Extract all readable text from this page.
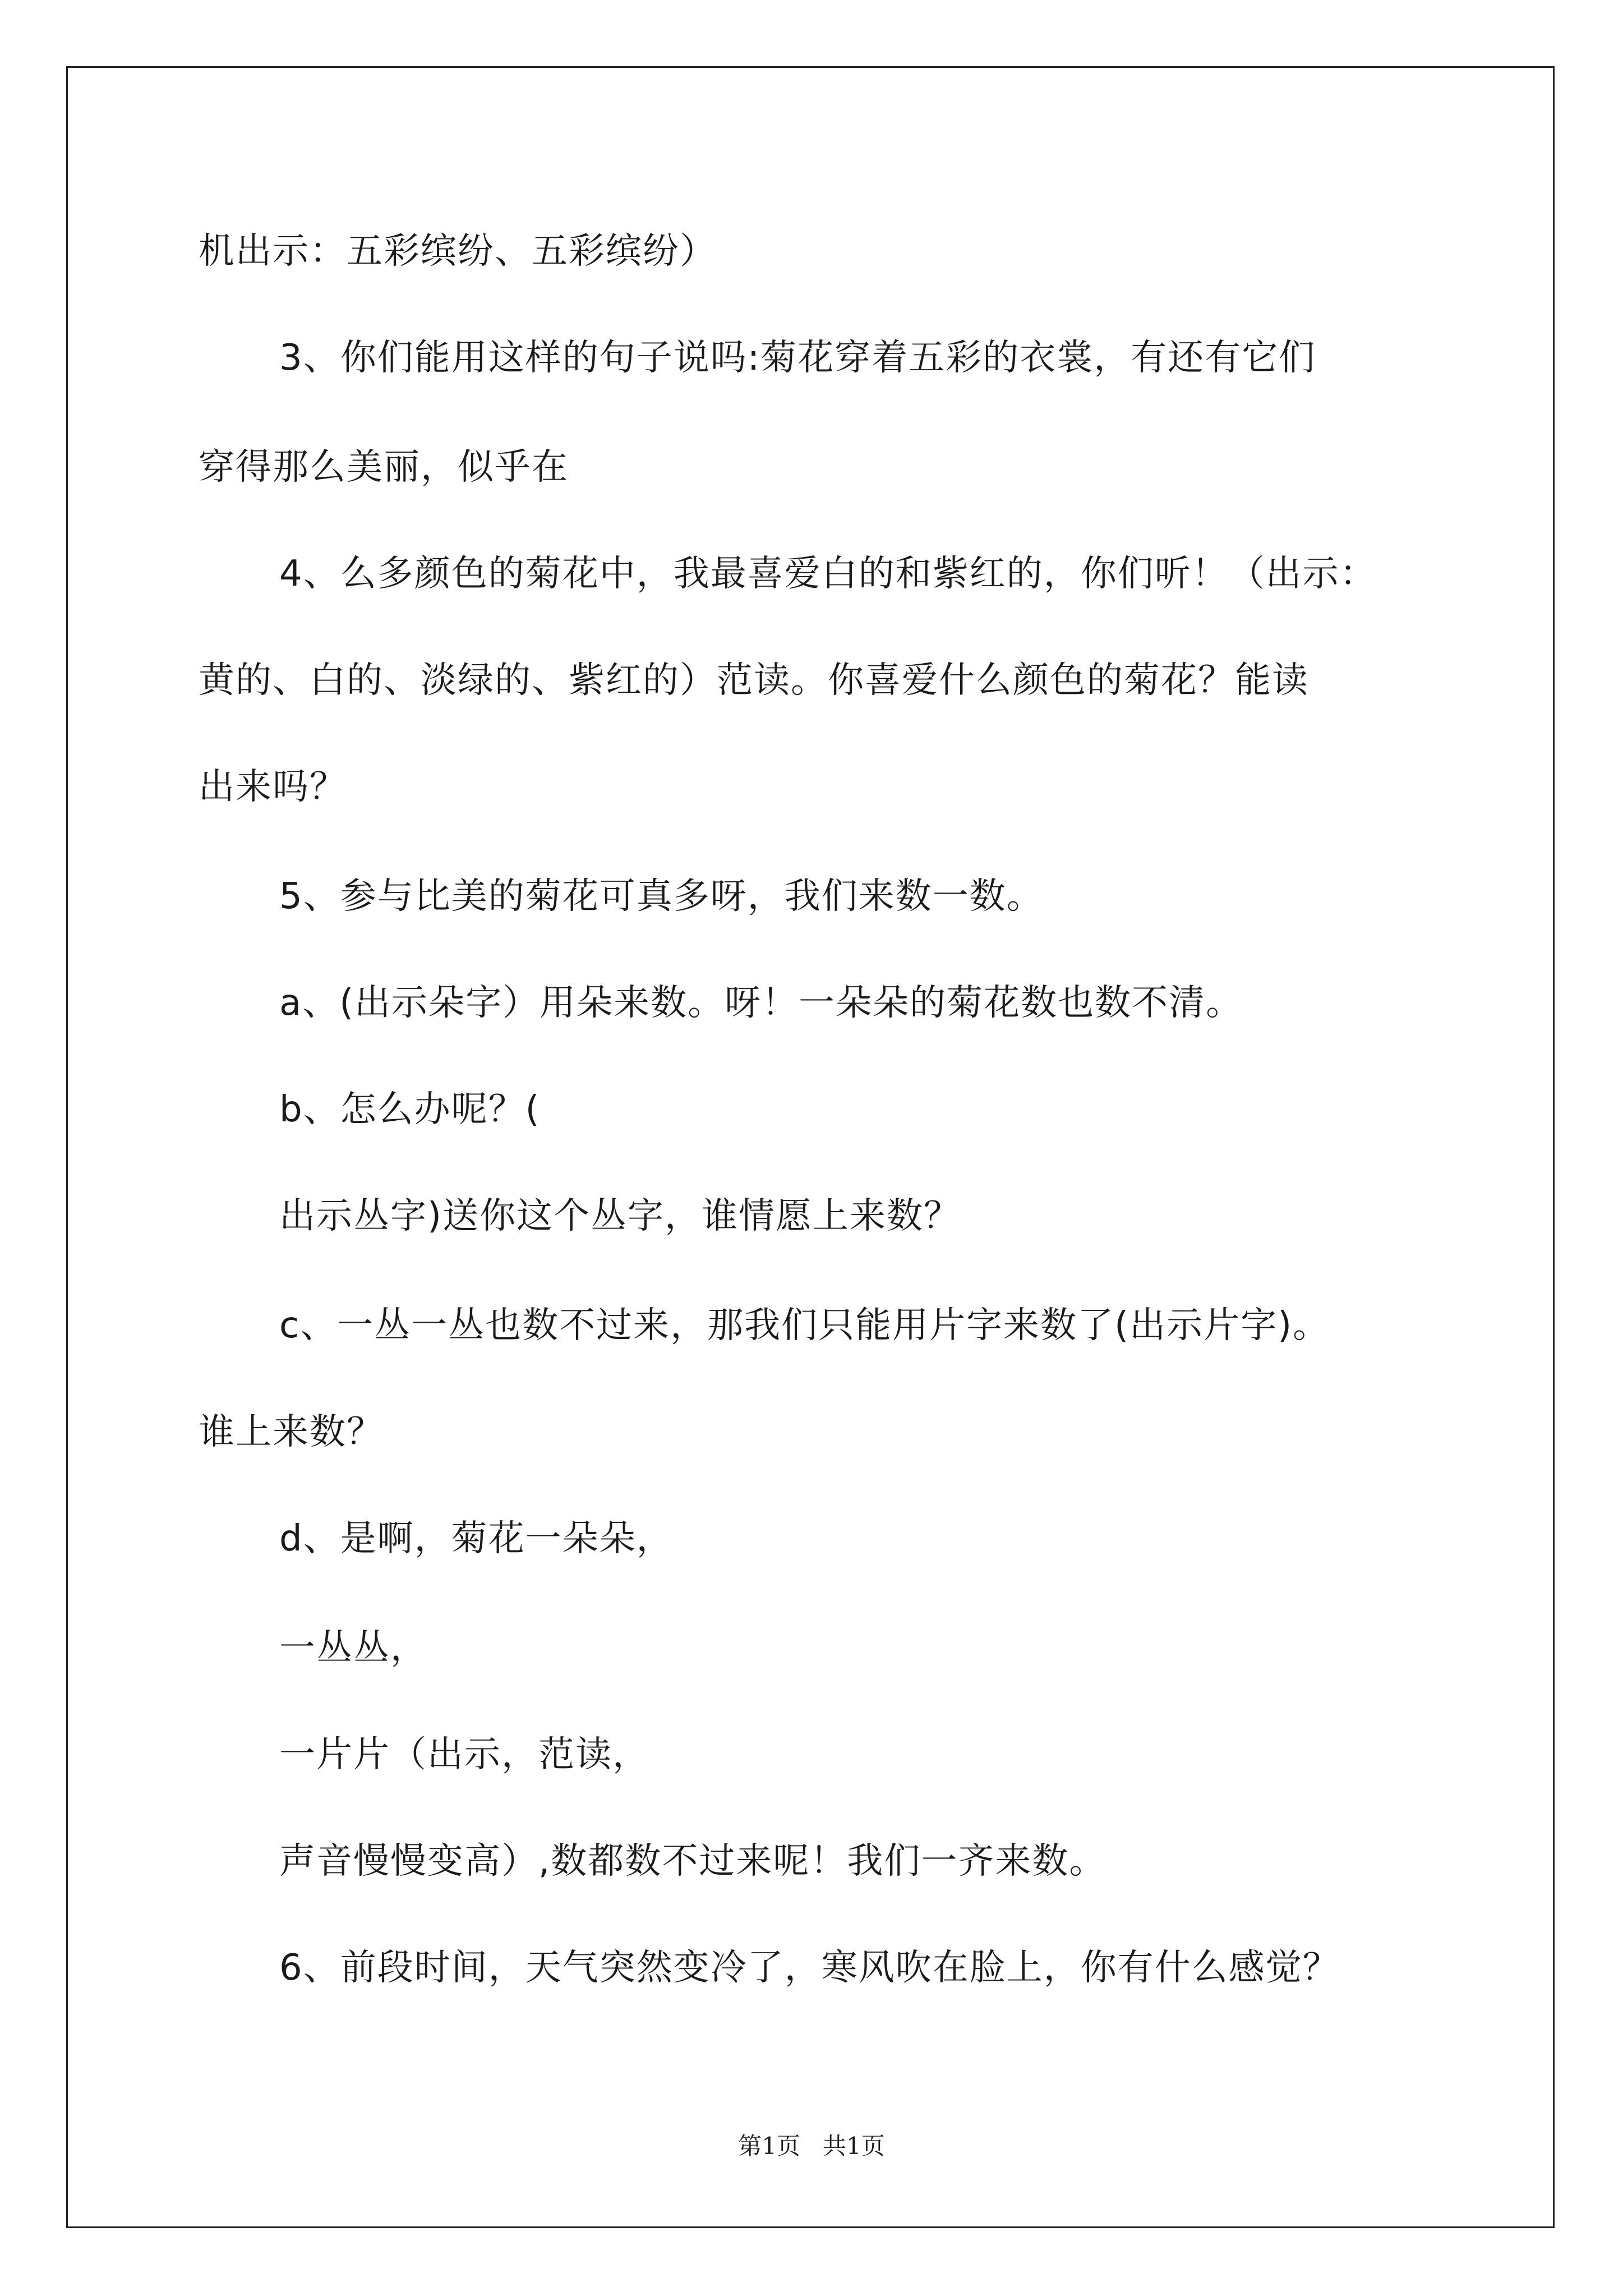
机出示：五彩缤纷、五彩缤纷）
3、你们能用这样的句子说吗:菊花穿着五彩的衣裳，有还有它们
穿得那么美丽，似乎在
4、么多颜色的菊花中，我最喜爱白的和紫红的，你们听！（出示：
黄的、白的、淡绿的、紫红的）范读。你喜爱什么颜色的菊花？能读
出来吗？
5、参与比美的菊花可真多呀，我们来数一数。
a、(出示朵字）用朵来数。呀！一朵朵的菊花数也数不清。
b、怎么办呢？(
出示丛字)送你这个丛字，谁情愿上来数？
c、一丛一丛也数不过来，那我们只能用片字来数了(出示片字)。
谁上来数？
d、是啊，菊花一朵朵，
一丛丛，
一片片（出示，范读，
声音慢慢变高）,数都数不过来呢！我们一齐来数。
6、前段时间，天气突然变冷了，寒风吹在脸上，你有什么感觉？
第1页   共1页
